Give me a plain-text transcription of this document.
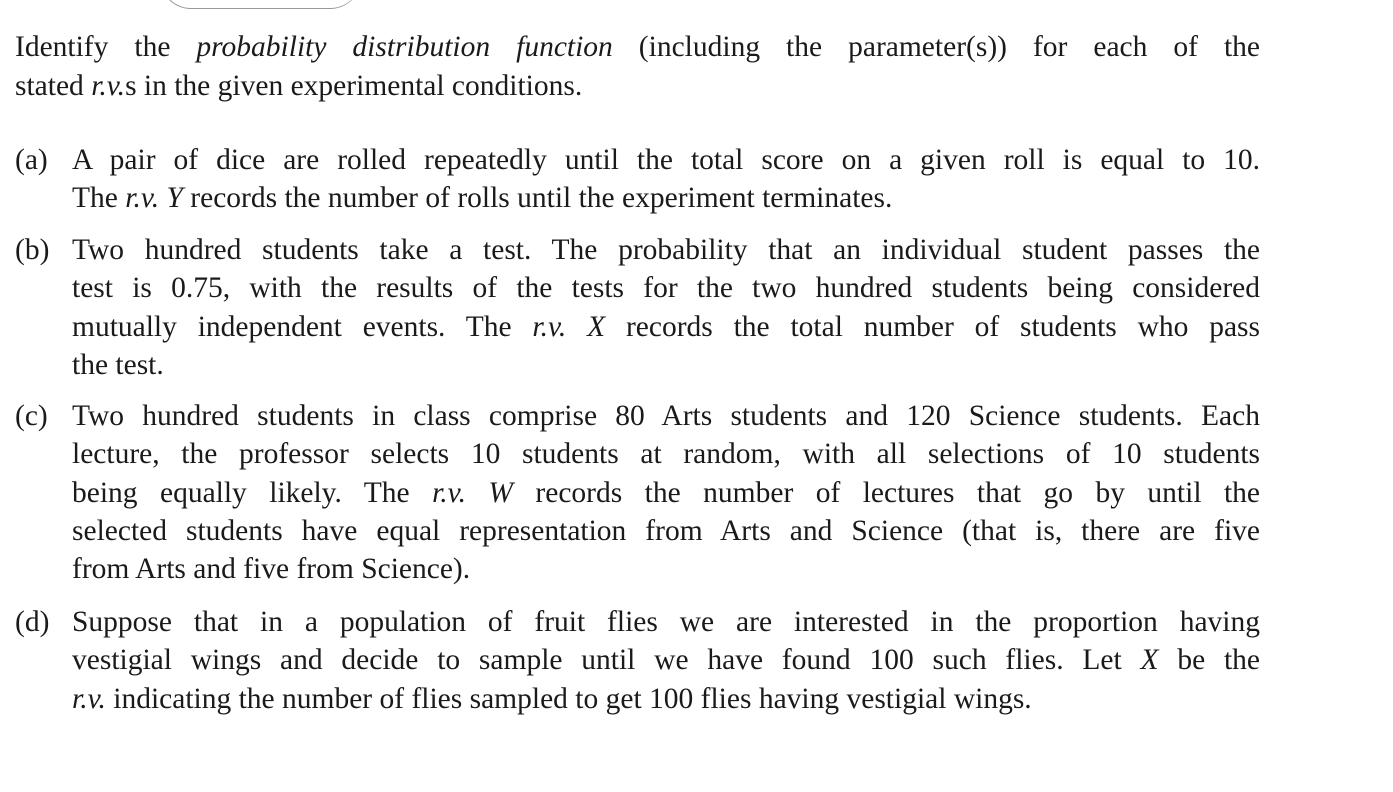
Identify the probability distribution function (including the parameter(s)) for each of the
stated r.v.s in the given experimental conditions.
(a) A pair of dice are rolled repeatedly until the total score on a given roll is equal to 10.
The r.v. Y records the number of rolls until the experiment terminates.
(b) Two hundred students take a test. The probability that an individual student passes the
test is 0.75, with the results of the tests for the two hundred students being considered
mutually independent events. The r.v. X records the total number of students who pass
the test.
(c) Two hundred students in class comprise 80 Arts students and 120 Science students. Each
lecture, the professor selects 10 students at random, with all selections of 10 students
being equally likely. The r.v. W records the number of lectures that go by until the
selected students have equal representation from Arts and Science (that is, there are five
from Arts and five from Science).
(d) Suppose that in a population of fruit flies we are interested in the proportion having
vestigial wings and decide to sample until we have found 100 such flies. Let X be the
r.v. indicating the number of flies sampled to get 100 flies having vestigial wings.
